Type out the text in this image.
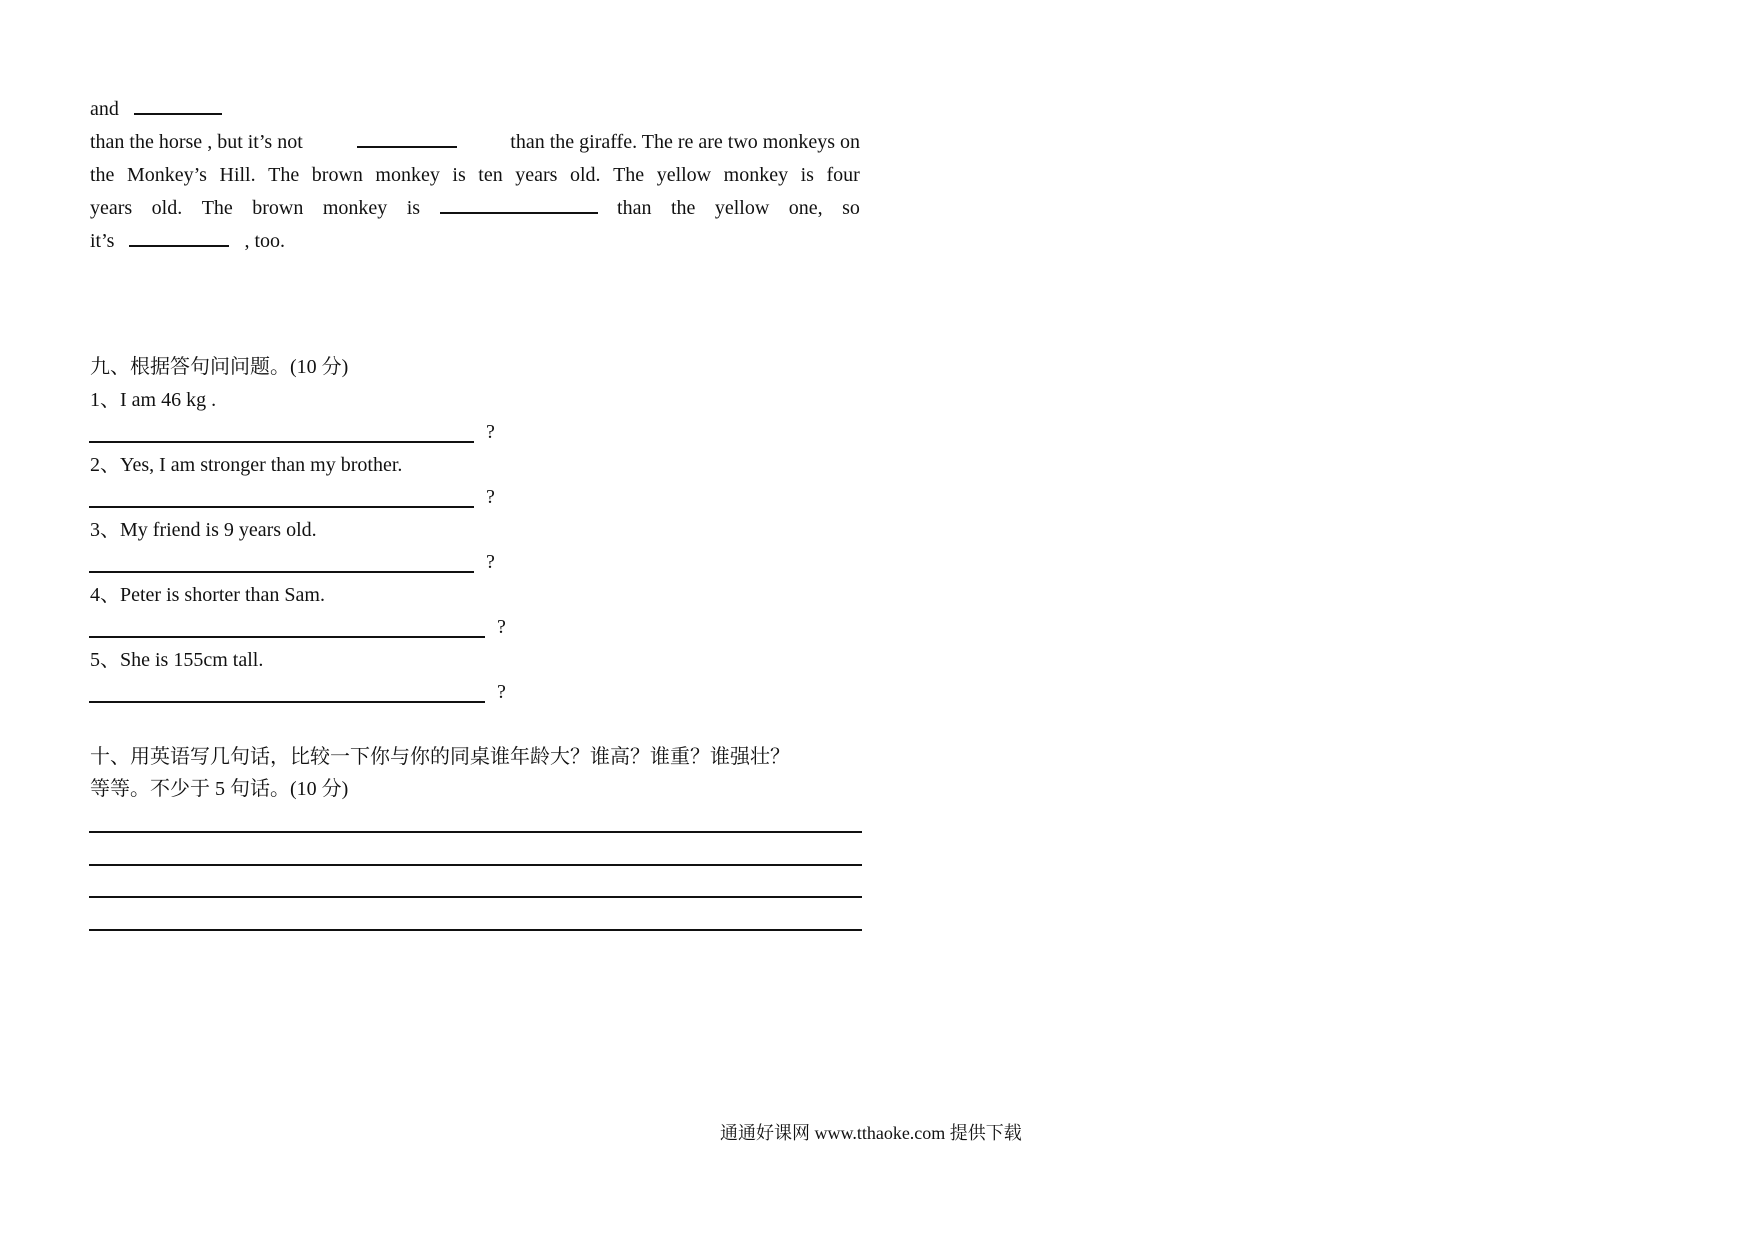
and
than the horse , but it’s not	than the giraffe. The re are two monkeys on
the Monkey’s Hill. The brown monkey is ten years old. The yellow monkey is four
years old. The brown monkey is	than the yellow one, so
it’s	, too.
九、根据答句问问题。(10 分)
1、I am 46 kg .
?
2、Yes, I am stronger than my brother.
?
3、My friend is 9 years old.
?
4、Peter is shorter than Sam.
?
5、She is 155cm tall.
?
十、用英语写几句话，比较一下你与你的同桌谁年龄大？谁高？谁重？谁强壮？
等等。不少于 5 句话。(10 分)
通通好课网 www.tthaoke.com 提供下载
